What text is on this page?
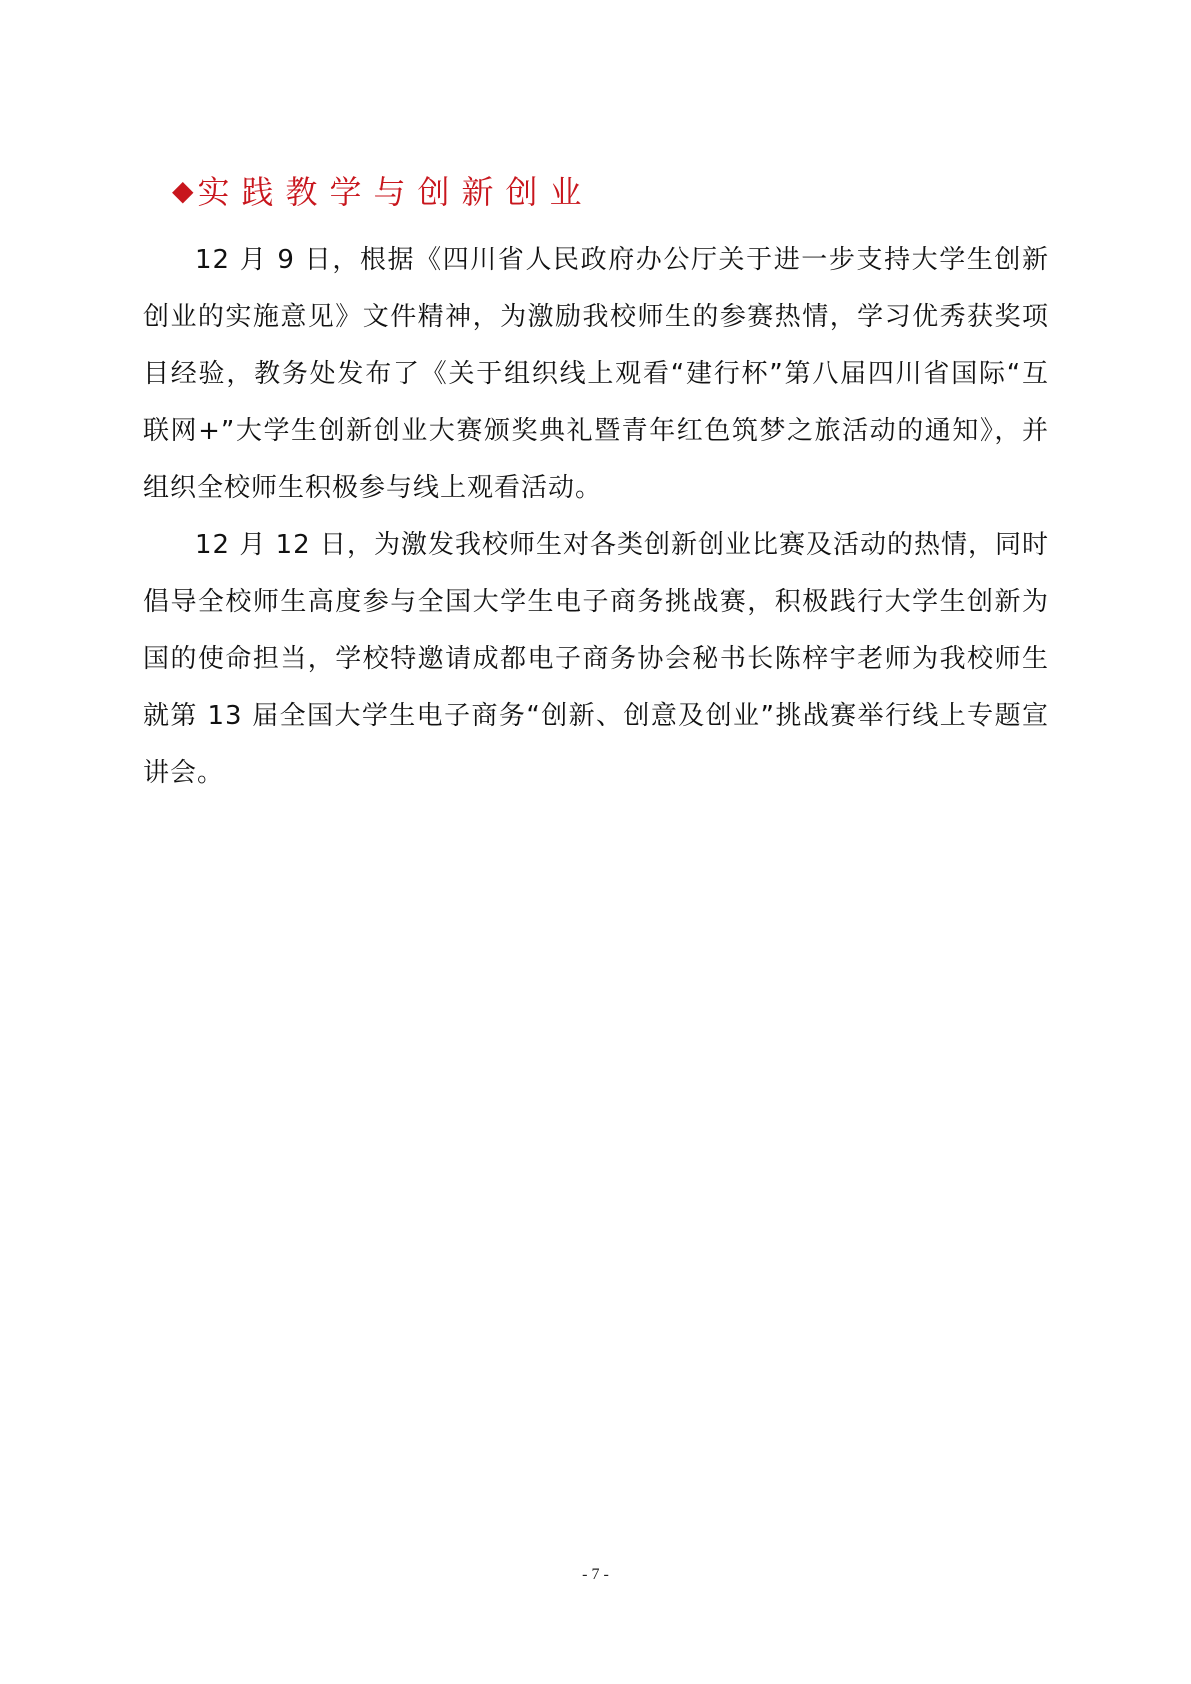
◆ 实践教学与创新创业

12 月 9 日，根据《四川省人民政府办公厅关于进一步支持大学生创新创业的实施意见》文件精神，为激励我校师生的参赛热情，学习优秀获奖项目经验，教务处发布了《关于组织线上观看“建行杯”第八届四川省国际“互联网+”大学生创新创业大赛颁奖典礼暨青年红色筑梦之旅活动的通知》，并组织全校师生积极参与线上观看活动。

12 月 12 日，为激发我校师生对各类创新创业比赛及活动的热情，同时倡导全校师生高度参与全国大学生电子商务挑战赛，积极践行大学生创新为国的使命担当，学校特邀请成都电子商务协会秘书长陈梓宇老师为我校师生就第 13 届全国大学生电子商务“创新、创意及创业”挑战赛举行线上专题宣讲会。

- 7 -
